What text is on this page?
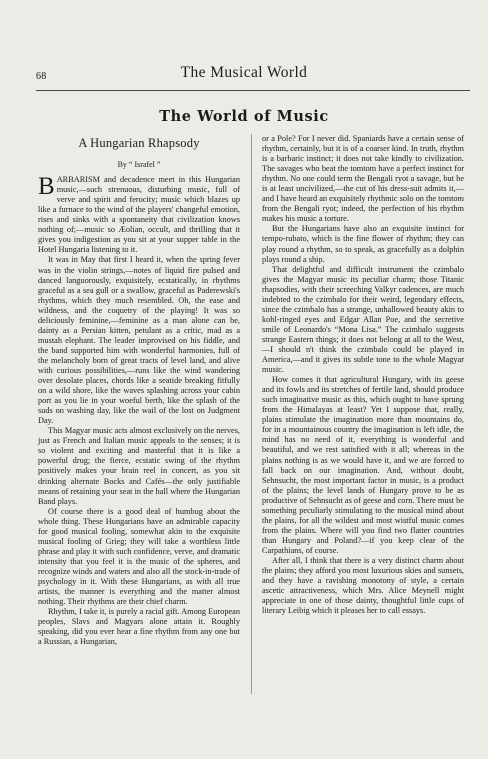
68	The Musical World
The World of Music
A Hungarian Rhapsody
By “ Israfel ”

BARBARISM and decadence meet in this Hungarian music,—such strenuous, disturbing music, full of verve and spirit and ferocity; music which blazes up like a furnace to the wind of the players' changeful emotion, rises and sinks with a spontaneity that civilization knows nothing of;—music so Æolian, occult, and thrilling that it gives you indigestion as you sit at your supper table in the Hotel Hungaria listening to it.

It was in May that first I heard it, when the spring fever was in the violin strings,—notes of liquid fire pulsed and danced languorously, exquisitely, ecstatically, in rhythms graceful as a sea gull or a swallow, graceful as Paderewski's rhythms, which they much resembled. Oh, the ease and wildness, and the coquetry of the playing! It was so deliciously feminine,—feminine as a man alone can be, dainty as a Persian kitten, petulant as a critic, mad as a mustah elephant. The leader improvised on his fiddle, and the band supported him with wonderful harmonies, full of the melancholy born of great tracts of level land, and alive with curious possibilities,—runs like the wind wandering over desolate places, chords like a seatide breaking fitfully on a wild shore, like the waves splashing across your cabin port as you lie in your woeful berth, like the splash of the suds on washing day, like the wail of the lost on Judgment Day.

This Magyar music acts almost exclusively on the nerves, just as French and Italian music appeals to the senses; it is so violent and exciting and masterful that it is like a powerful drug; the fierce, ecstatic swing of the rhythm positively makes your brain reel in concert, as you sit drinking alternate Bocks and Cafés—the only justifiable means of retaining your seat in the hall where the Hungarian Band plays.

Of course there is a good deal of humbug about the whole thing. These Hungarians have an admirable capacity for good musical fooling, somewhat akin to the exquisite musical fooling of Grieg; they will take a worthless little phrase and play it with such confidence, verve, and dramatic intensity that you feel it is the music of the spheres, and recognize winds and waters and also all the stock-in-trade of psychology in it. With these Hungarians, as with all true artists, the manner is everything and the matter almost nothing. Their rhythms are their chief charm.

Rhythm, I take it, is purely a racial gift. Among European peoples, Slavs and Magyars alone attain it. Roughly speaking, did you ever hear a fine rhythm from any one but a Russian, a Hungarian,

or a Pole? For I never did. Spaniards have a certain sense of rhythm, certainly, but it is of a coarser kind. In truth, rhythm is a barbaric instinct; it does not take kindly to civilization. The savages who beat the tomtom have a perfect instinct for rhythm. No one could term the Bengali ryot a savage, but he is at least uncivilized,—the cut of his dress-suit admits it,—and I have heard an exquisitely rhythmic solo on the tomtom from the Bengali ryot; indeed, the perfection of his rhythm makes his music a torture.

But the Hungarians have also an exquisite instinct for tempo-rubato, which is the fine flower of rhythm; they can play round a rhythm, so to speak, as gracefully as a dolphin plays round a ship.

That delightful and difficult instrument the czimbalo gives the Magyar music its peculiar charm; those Titanic rhapsodies, with their screeching Valkyr cadences, are much indebted to the czimbalo for their weird, legendary effects, since the czimbalo has a strange, unhallowed beauty akin to kohl-ringed eyes and Edgar Allan Poe, and the secretive smile of Leonardo's “Mona Lisa.” The czimbalo suggests strange Eastern things; it does not belong at all to the West,—I should n't think the czimbalo could be played in America,—and it gives its subtle tone to the whole Magyar music.

How comes it that agricultural Hungary, with its geese and its fowls and its stretches of fertile land, should produce such imaginative music as this, which ought to have sprung from the Himalayas at least? Yet I suppose that, really, plains stimulate the imagination more than mountains do, for in a mountainous country the imagination is left idle, the mind has no need of it, everything is wonderful and beautiful, and we rest satisfied with it all; whereas in the plains nothing is as we would have it, and we are forced to fall back on our imagination. And, without doubt, Sehnsucht, the most important factor in music, is a product of the plains; the level lands of Hungary prove to be as productive of Sehnsucht as of geese and corn. There must be something peculiarly stimulating to the musical mind about the plains, for all the wildest and most wistful music comes from the plains. Where will you find two flatter countries than Hungary and Poland?—if you keep clear of the Carpathians, of course.

After all, I think that there is a very distinct charm about the plains; they afford you most luxurious skies and sunsets, and they have a ravishing monotony of style, a certain ascetic attractiveness, which Mrs. Alice Meynell might appreciate in one of those dainty, thoughtful little cups of literary Leibig which it pleases her to call essays.
